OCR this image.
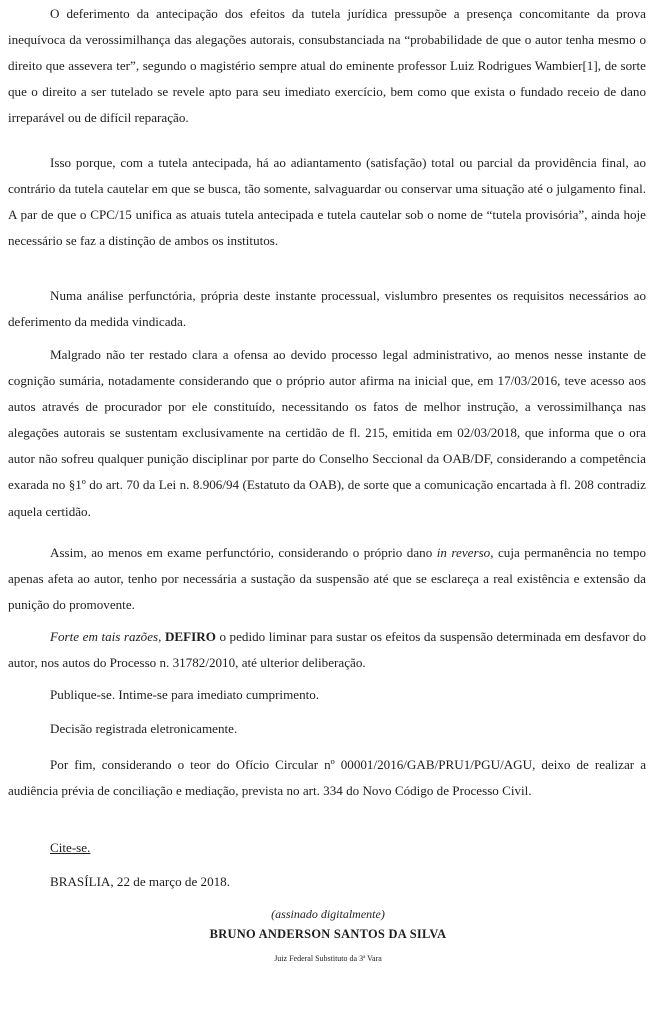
O deferimento da antecipação dos efeitos da tutela jurídica pressupõe a presença concomitante da prova inequívoca da verossimilhança das alegações autorais, consubstanciada na “probabilidade de que o autor tenha mesmo o direito que assevera ter”, segundo o magistério sempre atual do eminente professor Luiz Rodrigues Wambier[1], de sorte que o direito a ser tutelado se revele apto para seu imediato exercício, bem como que exista o fundado receio de dano irreparável ou de difícil reparação.

Isso porque, com a tutela antecipada, há ao adiantamento (satisfação) total ou parcial da providência final, ao contrário da tutela cautelar em que se busca, tão somente, salvaguardar ou conservar uma situação até o julgamento final. A par de que o CPC/15 unifica as atuais tutela antecipada e tutela cautelar sob o nome de “tutela provisória”, ainda hoje necessário se faz a distinção de ambos os institutos.

Numa análise perfunctória, própria deste instante processual, vislumbro presentes os requisitos necessários ao deferimento da medida vindicada.

Malgrado não ter restado clara a ofensa ao devido processo legal administrativo, ao menos nesse instante de cognição sumária, notadamente considerando que o próprio autor afirma na inicial que, em 17/03/2016, teve acesso aos autos através de procurador por ele constituído, necessitando os fatos de melhor instrução, a verossimilhança nas alegações autorais se sustentam exclusivamente na certidão de fl. 215, emitida em 02/03/2018, que informa que o ora autor não sofreu qualquer punição disciplinar por parte do Conselho Seccional da OAB/DF, considerando a competência exarada no §1º do art. 70 da Lei n. 8.906/94 (Estatuto da OAB), de sorte que a comunicação encartada à fl. 208 contradiz aquela certidão.

Assim, ao menos em exame perfunctório, considerando o próprio dano in reverso, cuja permanência no tempo apenas afeta ao autor, tenho por necessária a sustação da suspensão até que se esclareça a real existência e extensão da punição do promovente.

Forte em tais razões, DEFIRO o pedido liminar para sustar os efeitos da suspensão determinada em desfavor do autor, nos autos do Processo n. 31782/2010, até ulterior deliberação.

Publique-se. Intime-se para imediato cumprimento.

Decisão registrada eletronicamente.

Por fim, considerando o teor do Ofício Circular nº 00001/2016/GAB/PRU1/PGU/AGU, deixo de realizar a audiência prévia de conciliação e mediação, prevista no art. 334 do Novo Código de Processo Civil.

Cite-se.

BRASÍLIA, 22 de março de 2018.

(assinado digitalmente)

BRUNO ANDERSON SANTOS DA SILVA

Juiz Federal Substituto da 3ª Vara
